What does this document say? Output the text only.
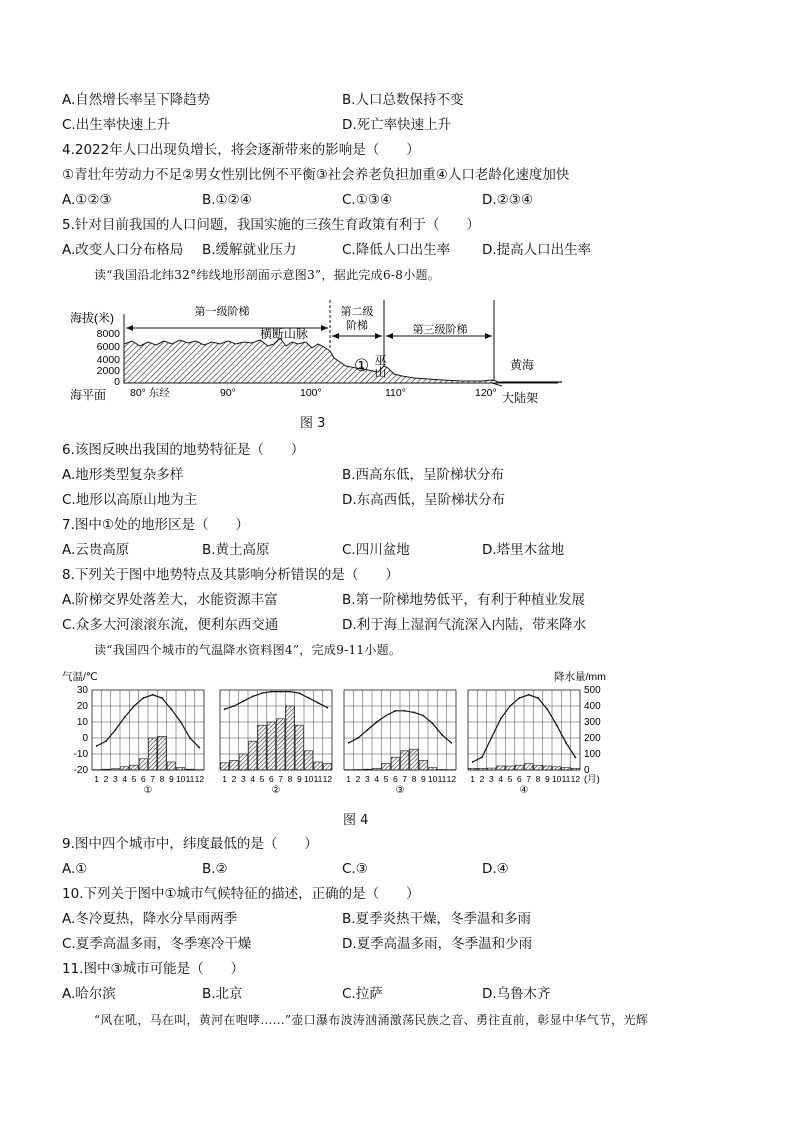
A.自然增长率呈下降趋势	B.人口总数保持不变
C.出生率快速上升	D.死亡率快速上升
4.2022年人口出现负增长，将会逐渐带来的影响是（　　）
①青壮年劳动力不足②男女性别比例不平衡③社会养老负担加重④人口老龄化速度加快
A.①②③	B.①②④	C.①③④	D.②③④
5.针对目前我国的人口问题，我国实施的三孩生育政策有利于（　　）
A.改变人口分布格局 B.缓解就业压力	C.降低人口出生率 D.提高人口出生率
读“我国沿北纬32°纬线地形剖面示意图3”，据此完成6-8小题。
海拔(米)
8000
6000
4000
2000
0
海平面
第一级阶梯	第二级
阶梯	第三级阶梯
横断山脉
巫山
①	黄海
大陆架
80° 东经	90°	100°	110°	120°
图 3
6.该图反映出我国的地势特征是（　　）
A.地形类型复杂多样	B.西高东低，呈阶梯状分布
C.地形以高原山地为主	D.东高西低，呈阶梯状分布
7.图中①处的地形区是（　　）
A.云贵高原	B.黄土高原	C.四川盆地	D.塔里木盆地
8.下列关于图中地势特点及其影响分析错误的是（　　）
A.阶梯交界处落差大，水能资源丰富	B.第一阶梯地势低平，有利于种植业发展
C.众多大河滚滚东流，便利东西交通	D.利于海上湿润气流深入内陆，带来降水
读“我国四个城市的气温降水资料图4”，完成9-11小题。
气温/℃	降水量/mm
30
20
10
0
-10
-20
500
400
300
200
100
0
1 2 3 4 5 6 7 8 9 10 11 12
①
1 2 3 4 5 6 7 8 9 10 11 12
②
1 2 3 4 5 6 7 8 9 10 11 12
③
1 2 3 4 5 6 7 8 9 10 11 12
④
(月)
图 4
9.图中四个城市中，纬度最低的是（　　）
A.①	B.②	C.③	D.④
10.下列关于图中①城市气候特征的描述，正确的是（　　）
A.冬冷夏热，降水分旱雨两季	B.夏季炎热干燥，冬季温和多雨
C.夏季高温多雨，冬季寒冷干燥	D.夏季高温多雨，冬季温和少雨
11.图中③城市可能是（　　）
A.哈尔滨	B.北京	C.拉萨	D.乌鲁木齐
“风在吼，马在叫，黄河在咆哮……”壶口瀑布波涛汹涌激荡民族之音、勇往直前，彰显中华气节，光辉
